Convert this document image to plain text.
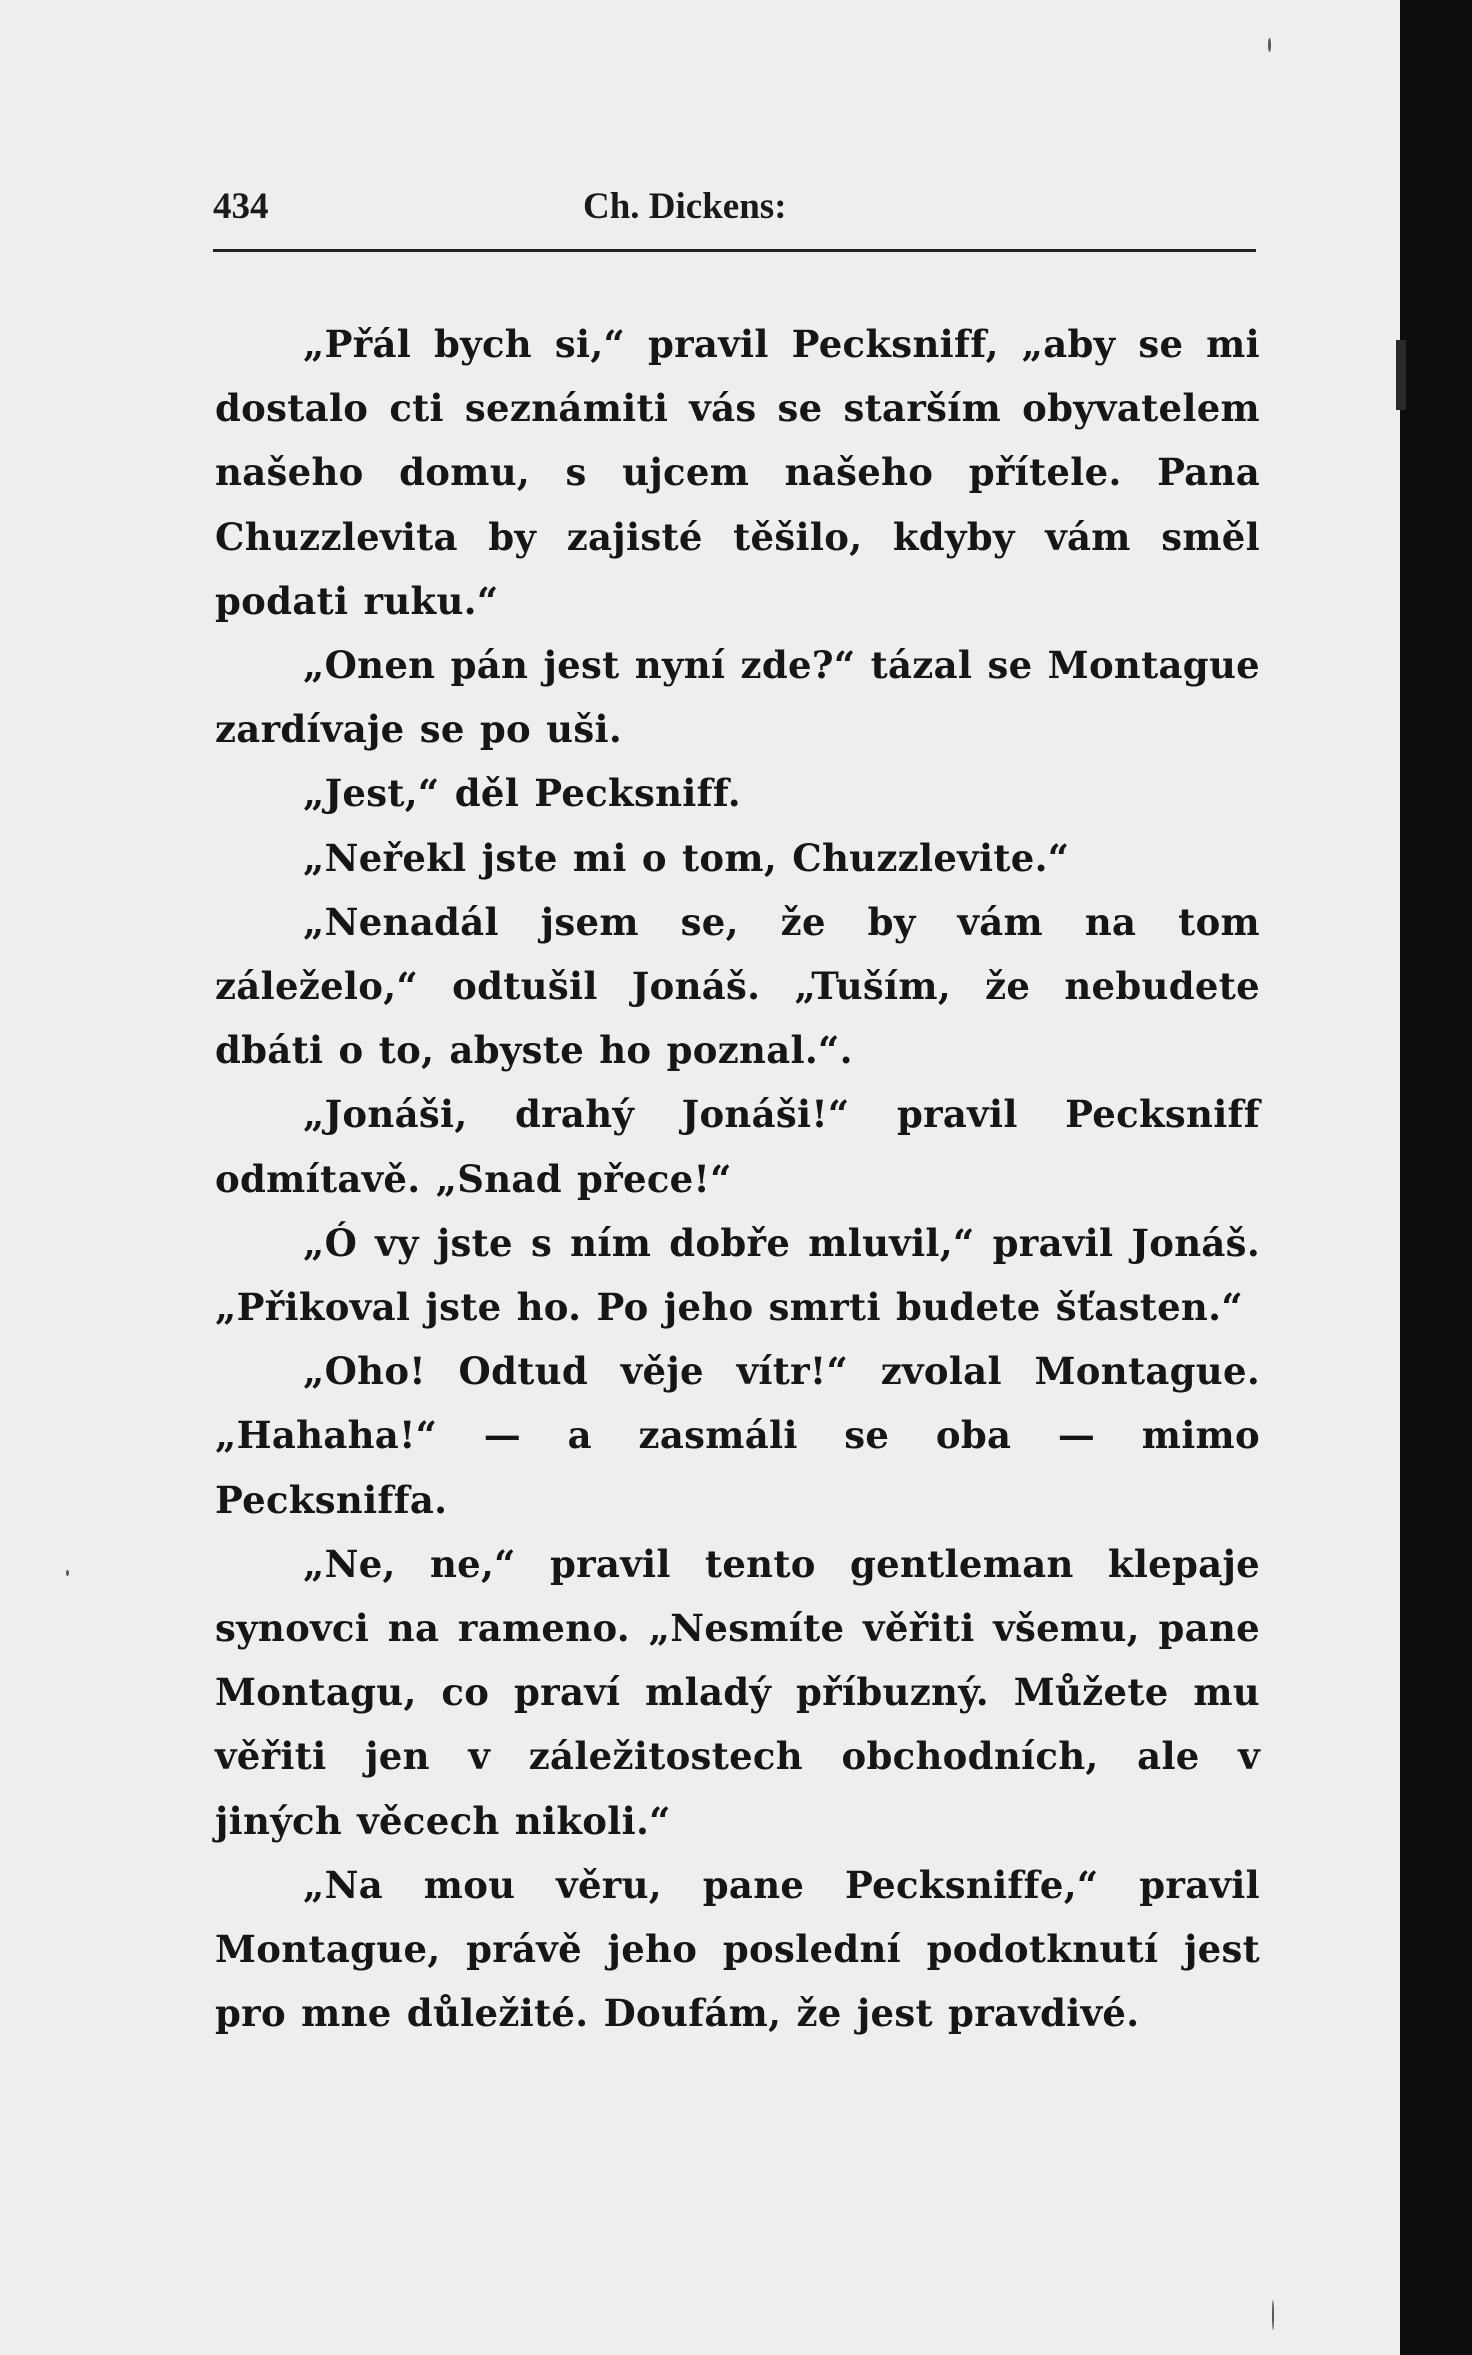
434	Ch. Dickens:

„Přál bych si,“ pravil Pecksniff, „aby se mi dostalo cti seznámiti vás se starším obyvatelem našeho domu, s ujcem našeho přítele. Pana Chuzzlevita by zajisté těšilo, kdyby vám směl podati ruku.“

„Onen pán jest nyní zde?“ tázal se Montague zardívaje se po uši.

„Jest,“ děl Pecksniff.

„Neřekl jste mi o tom, Chuzzlevite.“

„Nenadál jsem se, že by vám na tom záleželo,“ odtušil Jonáš. „Tuším, že nebudete dbáti o to, abyste ho poznal.“.

„Jonáši, drahý Jonáši!“ pravil Pecksniff odmítavě. „Snad přece!“

„Ó vy jste s ním dobře mluvil,“ pravil Jonáš. „Přikoval jste ho. Po jeho smrti budete šťasten.“

„Oho! Odtud věje vítr!“ zvolal Montague. „Hahaha!“ — a zasmáli se oba — mimo Pecksniffa.

„Ne, ne,“ pravil tento gentleman klepaje synovci na rameno. „Nesmíte věřiti všemu, pane Montagu, co praví mladý příbuzný. Můžete mu věřiti jen v záležitostech obchodních, ale v jiných věcech nikoli.“

„Na mou věru, pane Pecksniffe,“ pravil Montague, právě jeho poslední podotknutí jest pro mne důležité. Doufám, že jest pravdivé.
